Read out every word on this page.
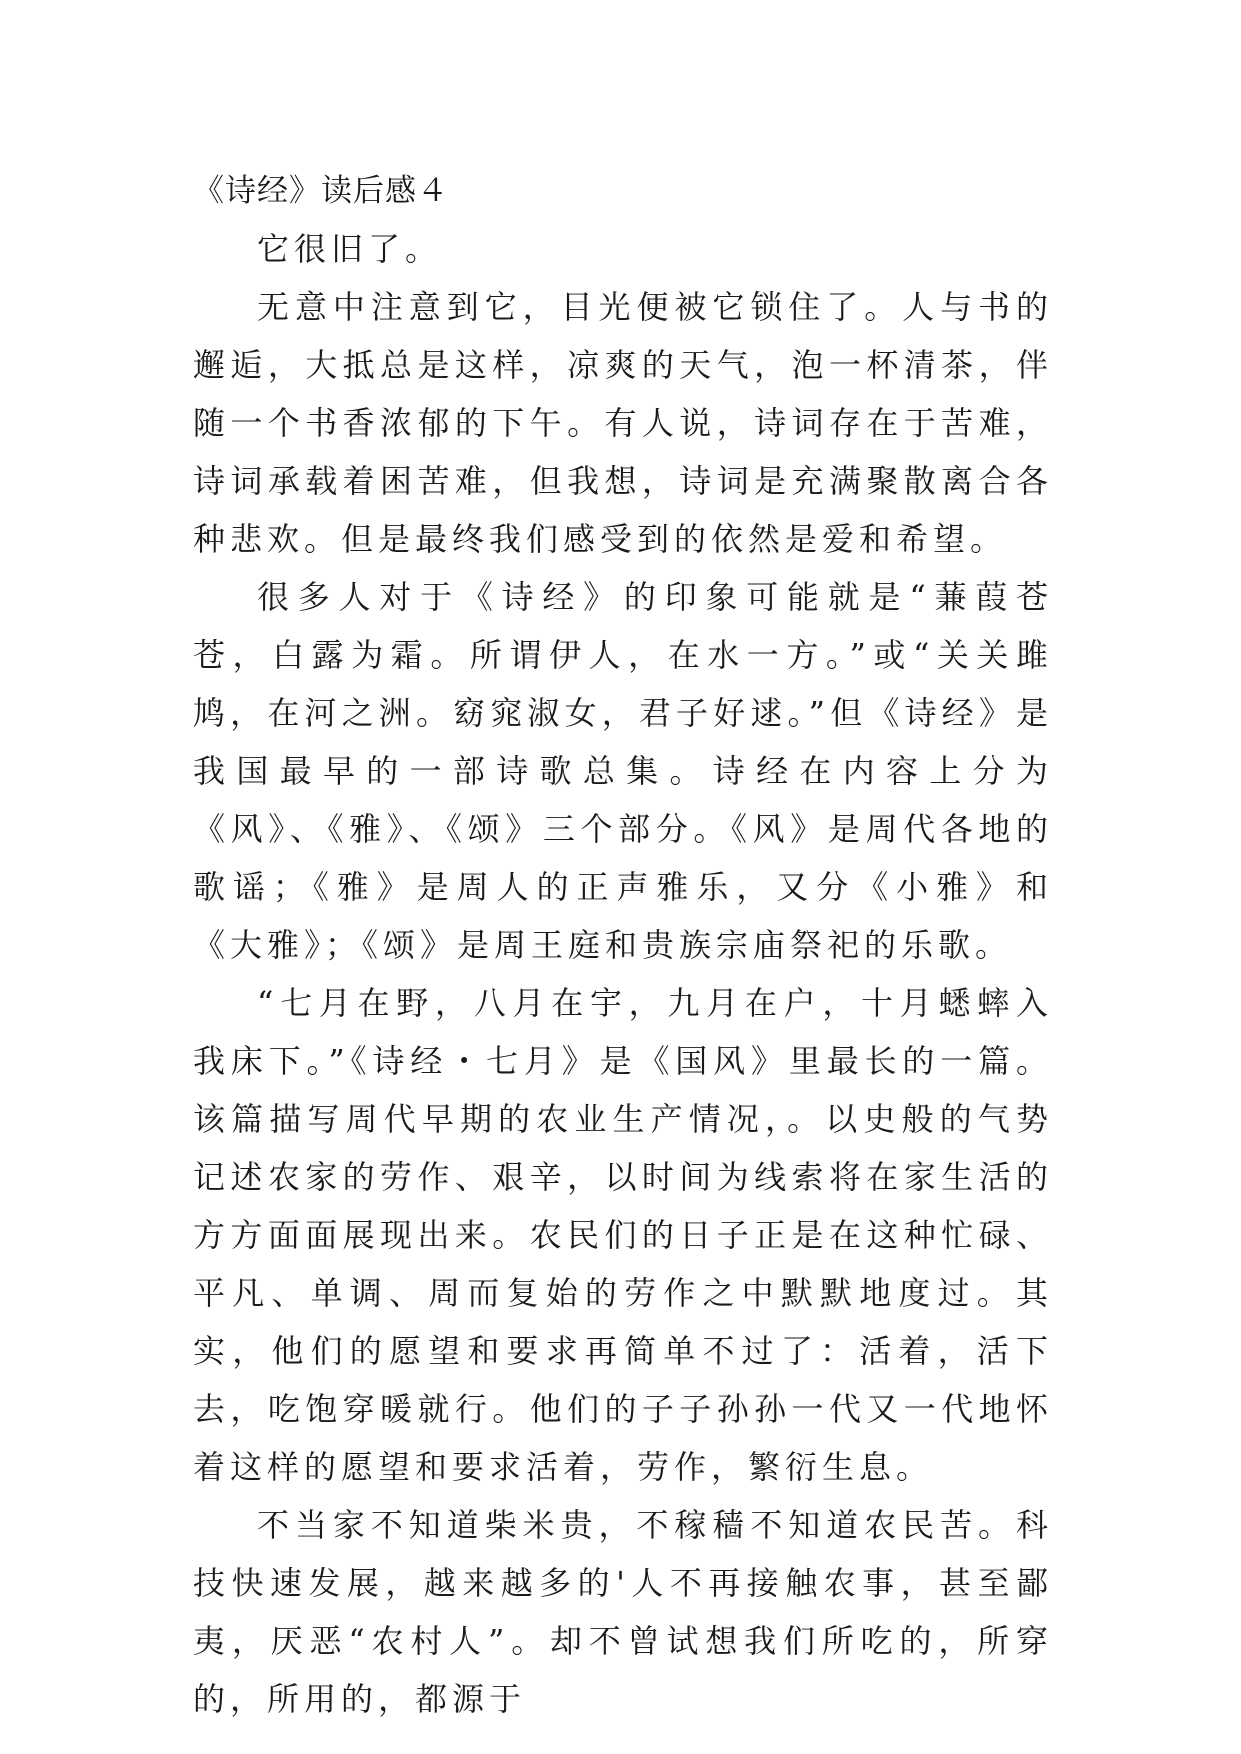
《诗经》读后感４

它很旧了。

无意中注意到它，目光便被它锁住了。人与书的邂逅，大抵总是这样，凉爽的天气，泡一杯清茶，伴随一个书香浓郁的下午。有人说，诗词存在于苦难，诗词承载着困苦难，但我想，诗词是充满聚散离合各种悲欢。但是最终我们感受到的依然是爱和希望。

很多人对于《诗经》的印象可能就是“蒹葭苍苍，白露为霜。所谓伊人，在水一方。”或“关关雎鸠，在河之洲。窈窕淑女，君子好逑。”但《诗经》是我国最早的一部诗歌总集。诗经在内容上分为《风》、《雅》、《颂》三个部分。《风》是周代各地的歌谣；《雅》是周人的正声雅乐，又分《小雅》和《大雅》；《颂》是周王庭和贵族宗庙祭祀的乐歌。

“七月在野，八月在宇，九月在户，十月蟋蟀入我床下。”《诗经・七月》是《国风》里最长的一篇。该篇描写周代早期的农业生产情况，。以史般的气势记述农家的劳作、艰辛，以时间为线索将在家生活的方方面面展现出来。农民们的日子正是在这种忙碌、平凡、单调、周而复始的劳作之中默默地度过。其实，他们的愿望和要求再简单不过了：活着，活下去，吃饱穿暖就行。他们的子子孙孙一代又一代地怀着这样的愿望和要求活着，劳作，繁衍生息。

不当家不知道柴米贵，不稼穑不知道农民苦。科技快速发展，越来越多的'人不再接触农事，甚至鄙夷，厌恶“农村人”。却不曾试想我们所吃的，所穿的，所用的，都源于
